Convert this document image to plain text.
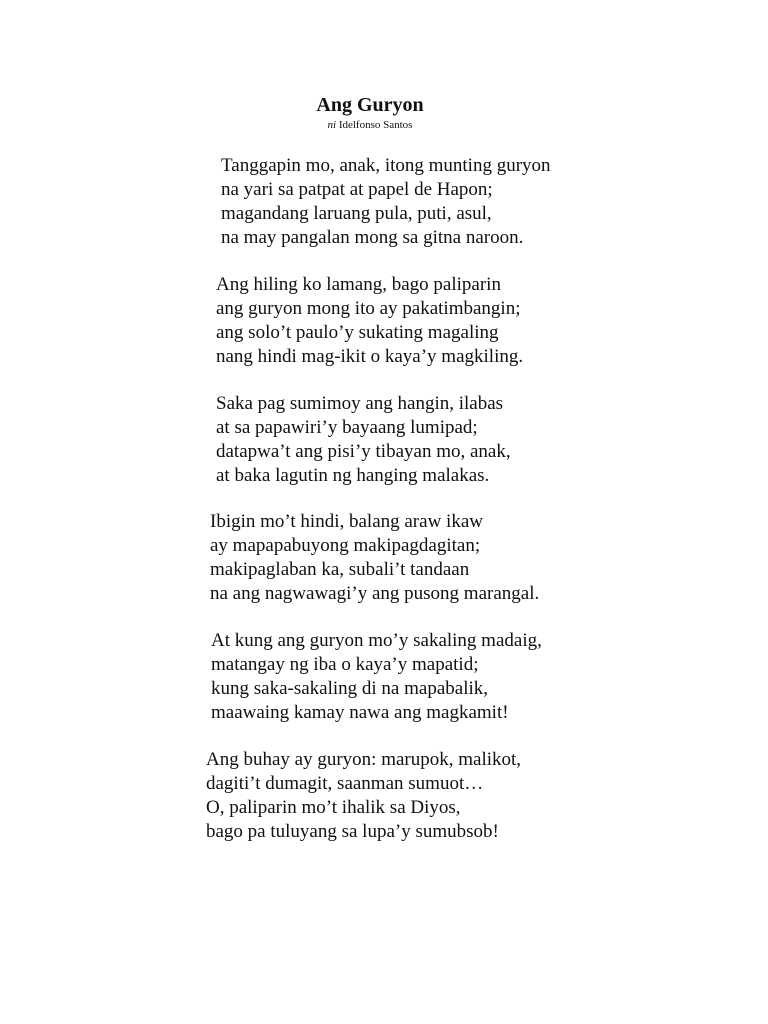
Ang Guryon
ni Idelfonso Santos
Tanggapin mo, anak, itong munting guryon
na yari sa patpat at papel de Hapon;
magandang laruang pula, puti, asul,
na may pangalan mong sa gitna naroon.
Ang hiling ko lamang, bago paliparin
ang guryon mong ito ay pakatimbangin;
ang solo’t paulo’y sukating magaling
nang hindi mag-ikit o kaya’y magkiling.
Saka pag sumimoy ang hangin, ilabas
at sa papawiri’y bayaang lumipad;
datapwa’t ang pisi’y tibayan mo, anak,
at baka lagutin ng hanging malakas.
Ibigin mo’t hindi, balang araw ikaw
ay mapapabuyong makipagdagitan;
makipaglaban ka, subali’t tandaan
na ang nagwawagi’y ang pusong marangal.
At kung ang guryon mo’y sakaling madaig,
matangay ng iba o kaya’y mapatid;
kung saka-sakaling di na mapabalik,
maawaing kamay nawa ang magkamit!
Ang buhay ay guryon: marupok, malikot,
dagiti’t dumagit, saanman sumuot…
O, paliparin mo’t ihalik sa Diyos,
bago pa tuluyang sa lupa’y sumubsob!
